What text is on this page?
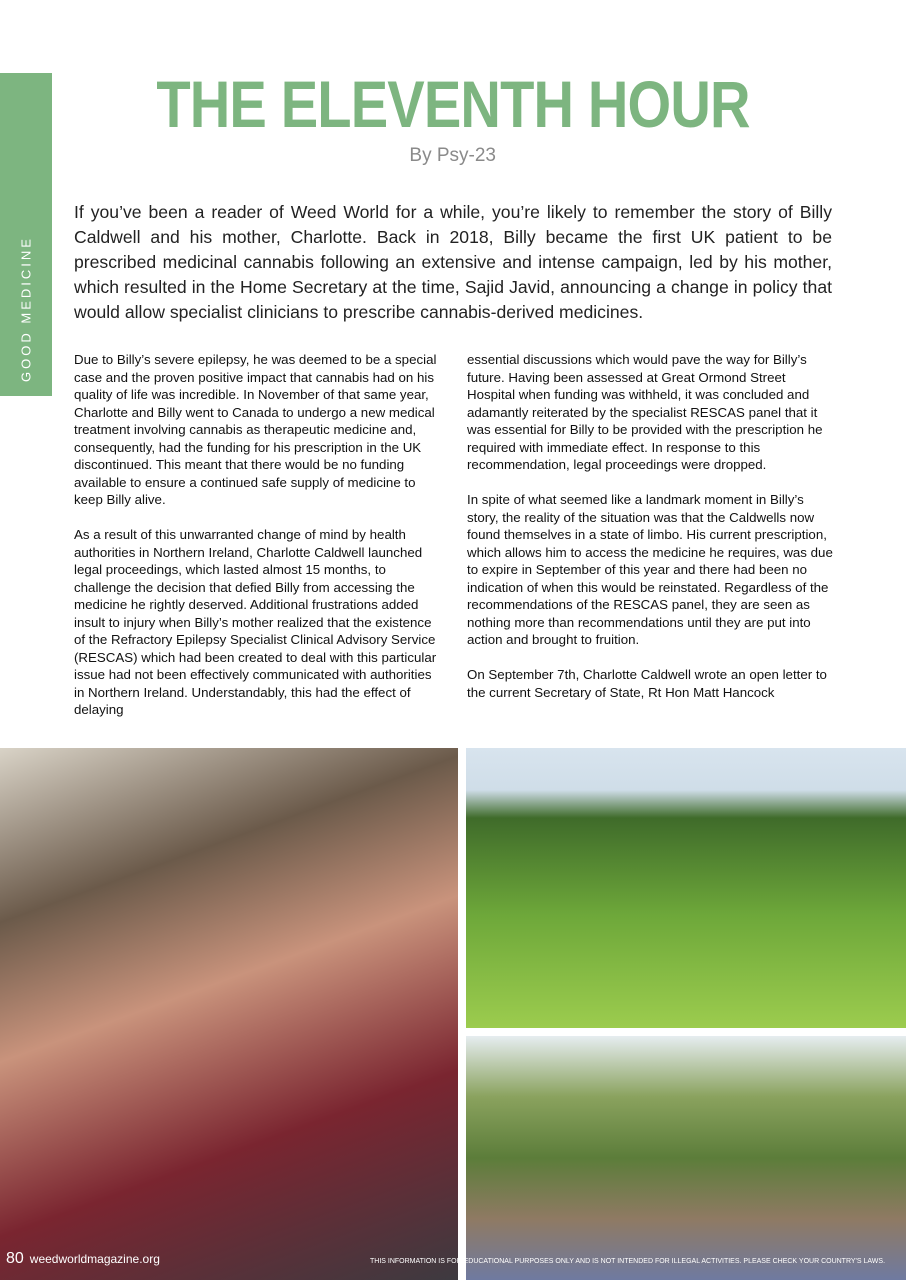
GOOD MEDICINE
THE ELEVENTH HOUR
By Psy-23
If you’ve been a reader of Weed World for a while, you’re likely to remember the story of Billy Caldwell and his mother, Charlotte. Back in 2018, Billy became the first UK patient to be prescribed medicinal cannabis following an extensive and intense campaign, led by his mother, which resulted in the Home Secretary at the time, Sajid Javid, announcing a change in policy that would allow specialist clinicians to prescribe cannabis-derived medicines.

Due to Billy’s severe epilepsy, he was deemed to be a special case and the proven positive impact that cannabis had on his quality of life was incredible. In November of that same year, Charlotte and Billy went to Canada to undergo a new medical treatment involving cannabis as therapeutic medicine and, consequently, had the funding for his prescription in the UK discontinued. This meant that there would be no funding available to ensure a continued safe supply of medicine to keep Billy alive.

As a result of this unwarranted change of mind by health authorities in Northern Ireland, Charlotte Caldwell launched legal proceedings, which lasted almost 15 months, to challenge the decision that defied Billy from accessing the medicine he rightly deserved. Additional frustrations added insult to injury when Billy’s mother realized that the existence of the Refractory Epilepsy Specialist Clinical Advisory Service (RESCAS) which had been created to deal with this particular issue had not been effectively communicated with authorities in Northern Ireland. Understandably, this had the effect of delaying

essential discussions which would pave the way for Billy’s future. Having been assessed at Great Ormond Street Hospital when funding was withheld, it was concluded and adamantly reiterated by the specialist RESCAS panel that it was essential for Billy to be provided with the prescription he required with immediate effect. In response to this recommendation, legal proceedings were dropped.

In spite of what seemed like a landmark moment in Billy’s story, the reality of the situation was that the Caldwells now found themselves in a state of limbo. His current prescription, which allows him to access the medicine he requires, was due to expire in September of this year and there had been no indication of when this would be reinstated. Regardless of the recommendations of the RESCAS panel, they are seen as nothing more than recommendations until they are put into action and brought to fruition.

On September 7th, Charlotte Caldwell wrote an open letter to the current Secretary of State, Rt Hon Matt Hancock

80 weedworldmagazine.org	THIS INFORMATION IS FOR EDUCATIONAL PURPOSES ONLY AND IS NOT INTENDED FOR ILLEGAL ACTIVITIES. PLEASE CHECK YOUR COUNTRY'S LAWS.
